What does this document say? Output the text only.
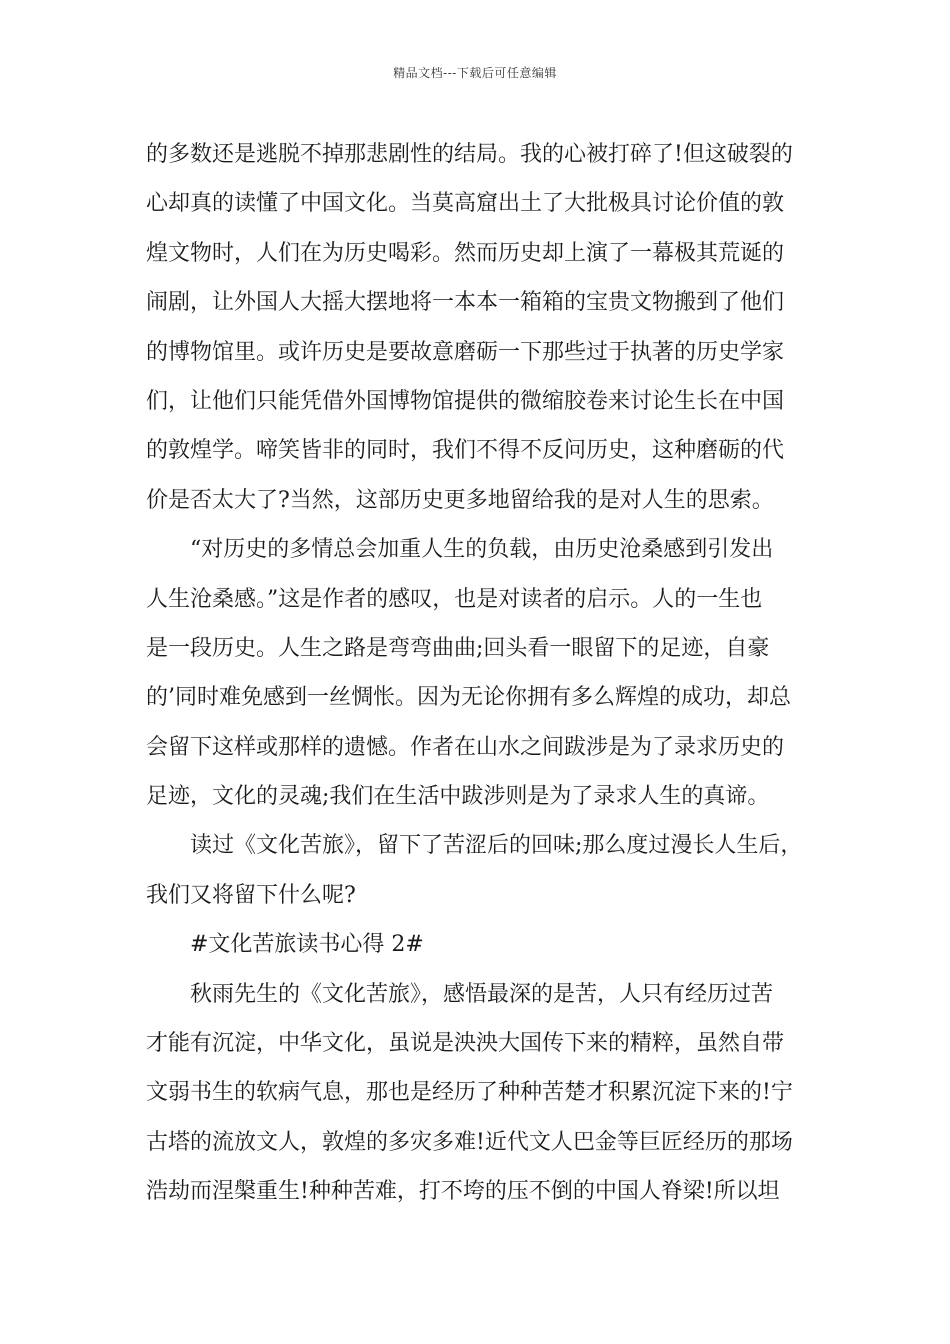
精品文档---下载后可任意编辑
的多数还是逃脱不掉那悲剧性的结局。我的心被打碎了!但这破裂的
心却真的读懂了中国文化。当莫高窟出土了大批极具讨论价值的敦
煌文物时，人们在为历史喝彩。然而历史却上演了一幕极其荒诞的
闹剧，让外国人大摇大摆地将一本本一箱箱的宝贵文物搬到了他们
的博物馆里。或许历史是要故意磨砺一下那些过于执著的历史学家
们，让他们只能凭借外国博物馆提供的微缩胶卷来讨论生长在中国
的敦煌学。啼笑皆非的同时，我们不得不反问历史，这种磨砺的代
价是否太大了?当然，这部历史更多地留给我的是对人生的思索。
“对历史的多情总会加重人生的负载，由历史沧桑感到引发出
人生沧桑感。”这是作者的感叹，也是对读者的启示。人的一生也
是一段历史。人生之路是弯弯曲曲;回头看一眼留下的足迹，自豪
的’同时难免感到一丝惆怅。因为无论你拥有多么辉煌的成功，却总
会留下这样或那样的遗憾。作者在山水之间跋涉是为了录求历史的
足迹，文化的灵魂;我们在生活中跋涉则是为了录求人生的真谛。
读过《文化苦旅》，留下了苦涩后的回味;那么度过漫长人生后，
我们又将留下什么呢?
#文化苦旅读书心得 2#
秋雨先生的《文化苦旅》，感悟最深的是苦，人只有经历过苦
才能有沉淀，中华文化，虽说是泱泱大国传下来的精粹，虽然自带
文弱书生的软病气息，那也是经历了种种苦楚才积累沉淀下来的!宁
古塔的流放文人，敦煌的多灾多难!近代文人巴金等巨匠经历的那场
浩劫而涅槃重生!种种苦难，打不垮的压不倒的中国人脊梁!所以坦
